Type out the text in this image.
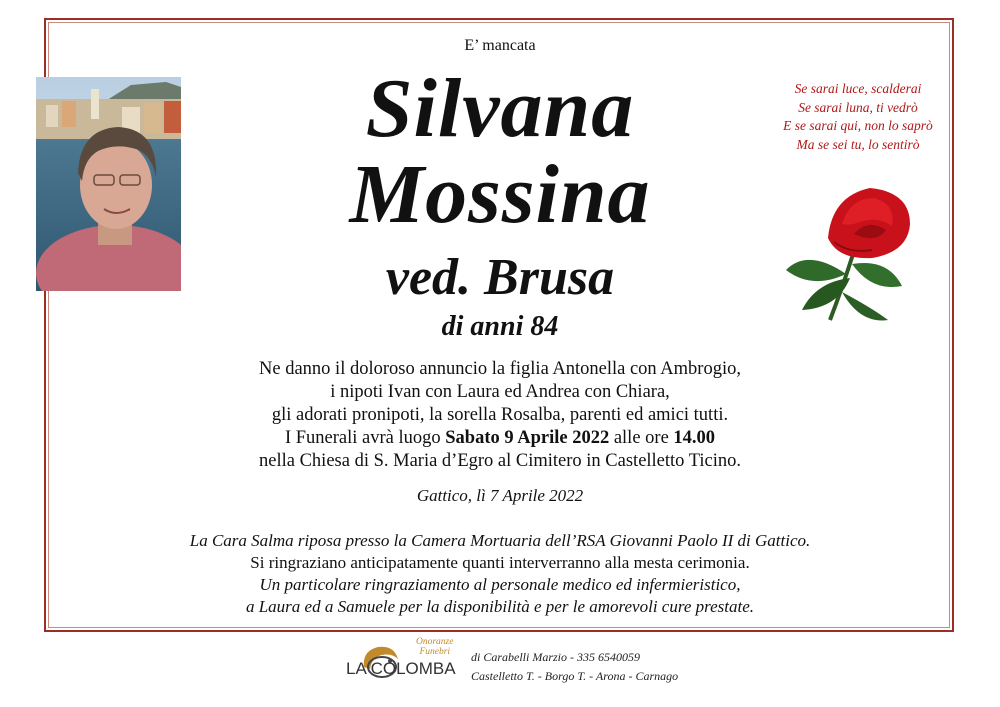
E’ mancata
Silvana
Mossina
ved. Brusa
di anni 84
Ne danno il doloroso annuncio la figlia Antonella con Ambrogio,
i nipoti Ivan con Laura ed Andrea con Chiara,
gli adorati pronipoti, la sorella Rosalba, parenti ed amici tutti.
I Funerali avrà luogo Sabato 9 Aprile 2022 alle ore 14.00
nella Chiesa di S. Maria d’Egro al Cimitero in Castelletto Ticino.
Gattico, lì 7 Aprile 2022
La Cara Salma riposa presso la Camera Mortuaria dell’RSA Giovanni Paolo II di Gattico.
Si ringraziano anticipatamente quanti interverranno alla mesta cerimonia.
Un particolare ringraziamento al personale medico ed infermieristico,
a Laura ed a Samuele per la disponibilità e per le amorevoli cure prestate.
Se sarai luce, scalderai
Se sarai luna, ti vedrò
E se sarai qui, non lo saprò
Ma se sei tu, lo sentirò
Onoranze
Funebri
LA COLOMBA
di Carabelli Marzio - 335 6540059
Castelletto T. - Borgo T. - Arona - Carnago
